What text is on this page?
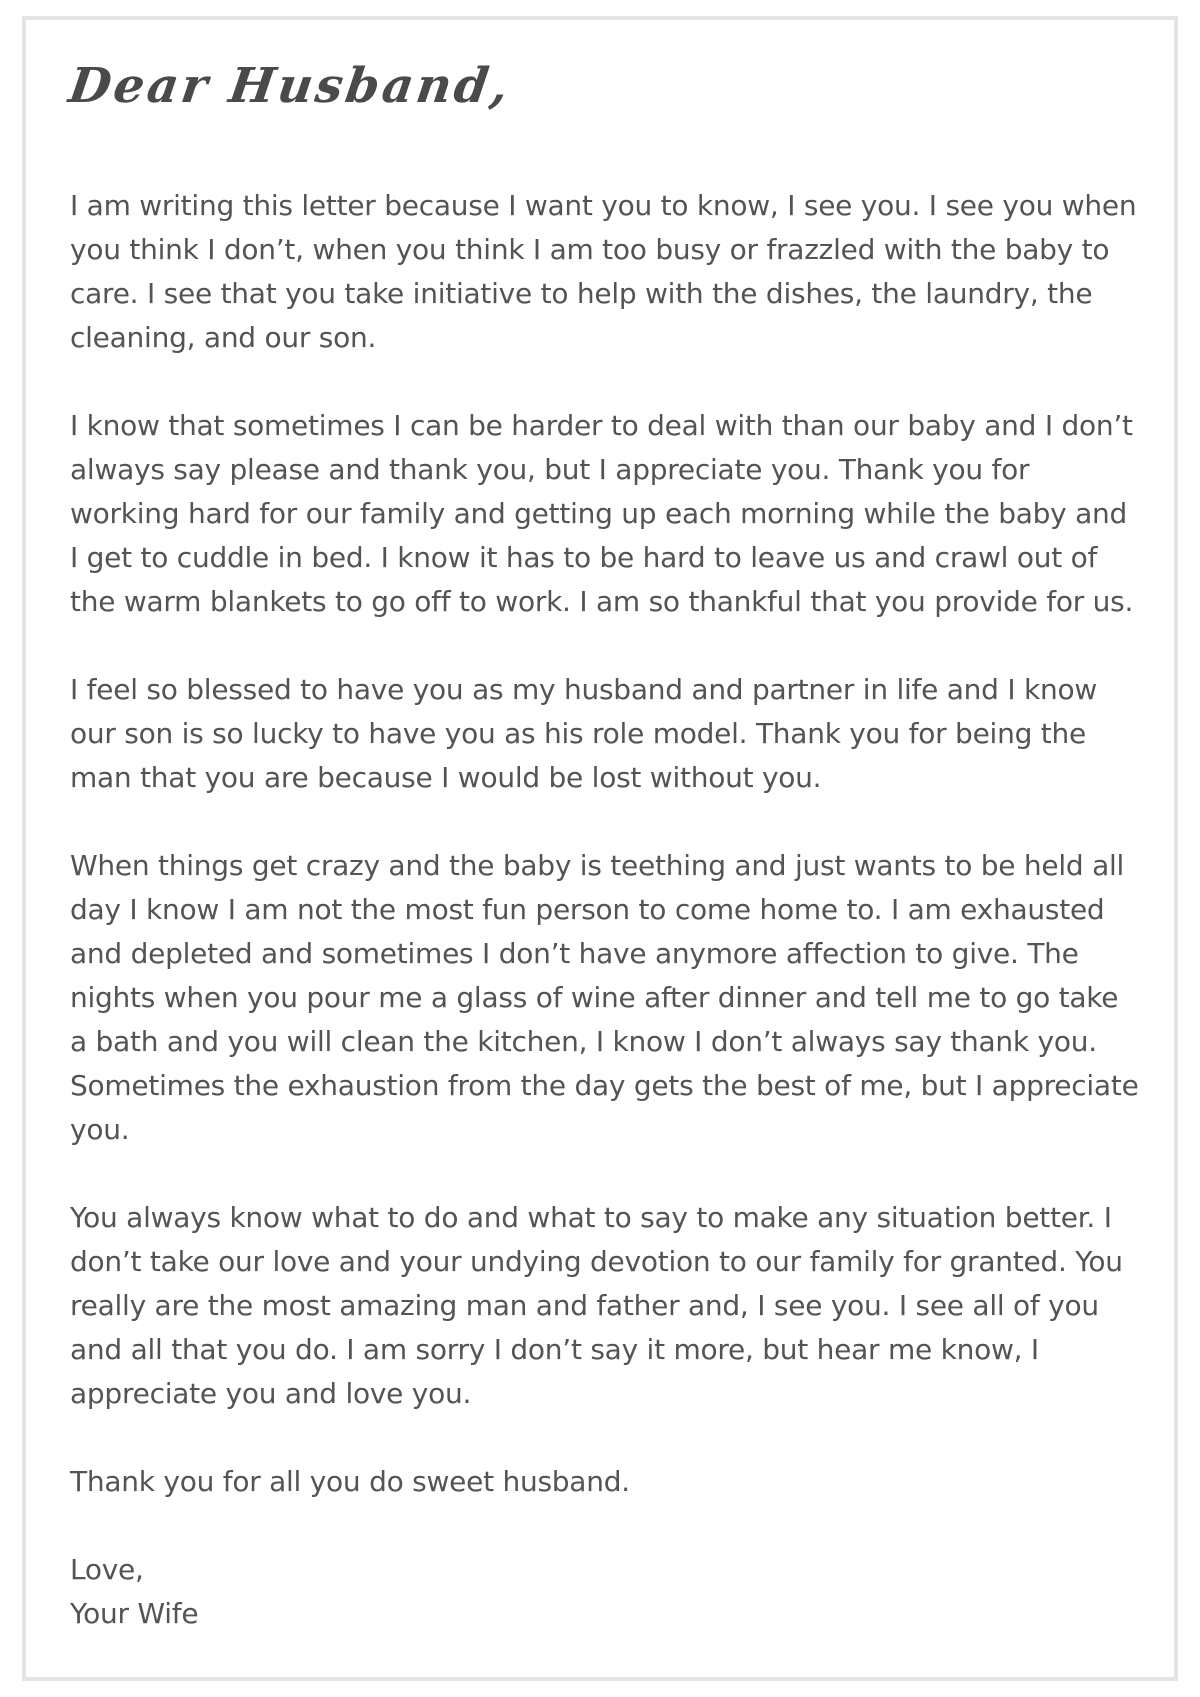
Dear Husband,

I am writing this letter because I want you to know, I see you. I see you when you think I don’t, when you think I am too busy or frazzled with the baby to care. I see that you take initiative to help with the dishes, the laundry, the cleaning, and our son.

I know that sometimes I can be harder to deal with than our baby and I don’t always say please and thank you, but I appreciate you. Thank you for working hard for our family and getting up each morning while the baby and I get to cuddle in bed. I know it has to be hard to leave us and crawl out of the warm blankets to go off to work. I am so thankful that you provide for us.

I feel so blessed to have you as my husband and partner in life and I know our son is so lucky to have you as his role model. Thank you for being the man that you are because I would be lost without you.

When things get crazy and the baby is teething and just wants to be held all day I know I am not the most fun person to come home to. I am exhausted and depleted and sometimes I don’t have anymore affection to give. The nights when you pour me a glass of wine after dinner and tell me to go take a bath and you will clean the kitchen, I know I don’t always say thank you. Sometimes the exhaustion from the day gets the best of me, but I appreciate you.

You always know what to do and what to say to make any situation better. I don’t take our love and your undying devotion to our family for granted. You really are the most amazing man and father and, I see you. I see all of you and all that you do. I am sorry I don’t say it more, but hear me know, I appreciate you and love you.

Thank you for all you do sweet husband.

Love,
Your Wife
